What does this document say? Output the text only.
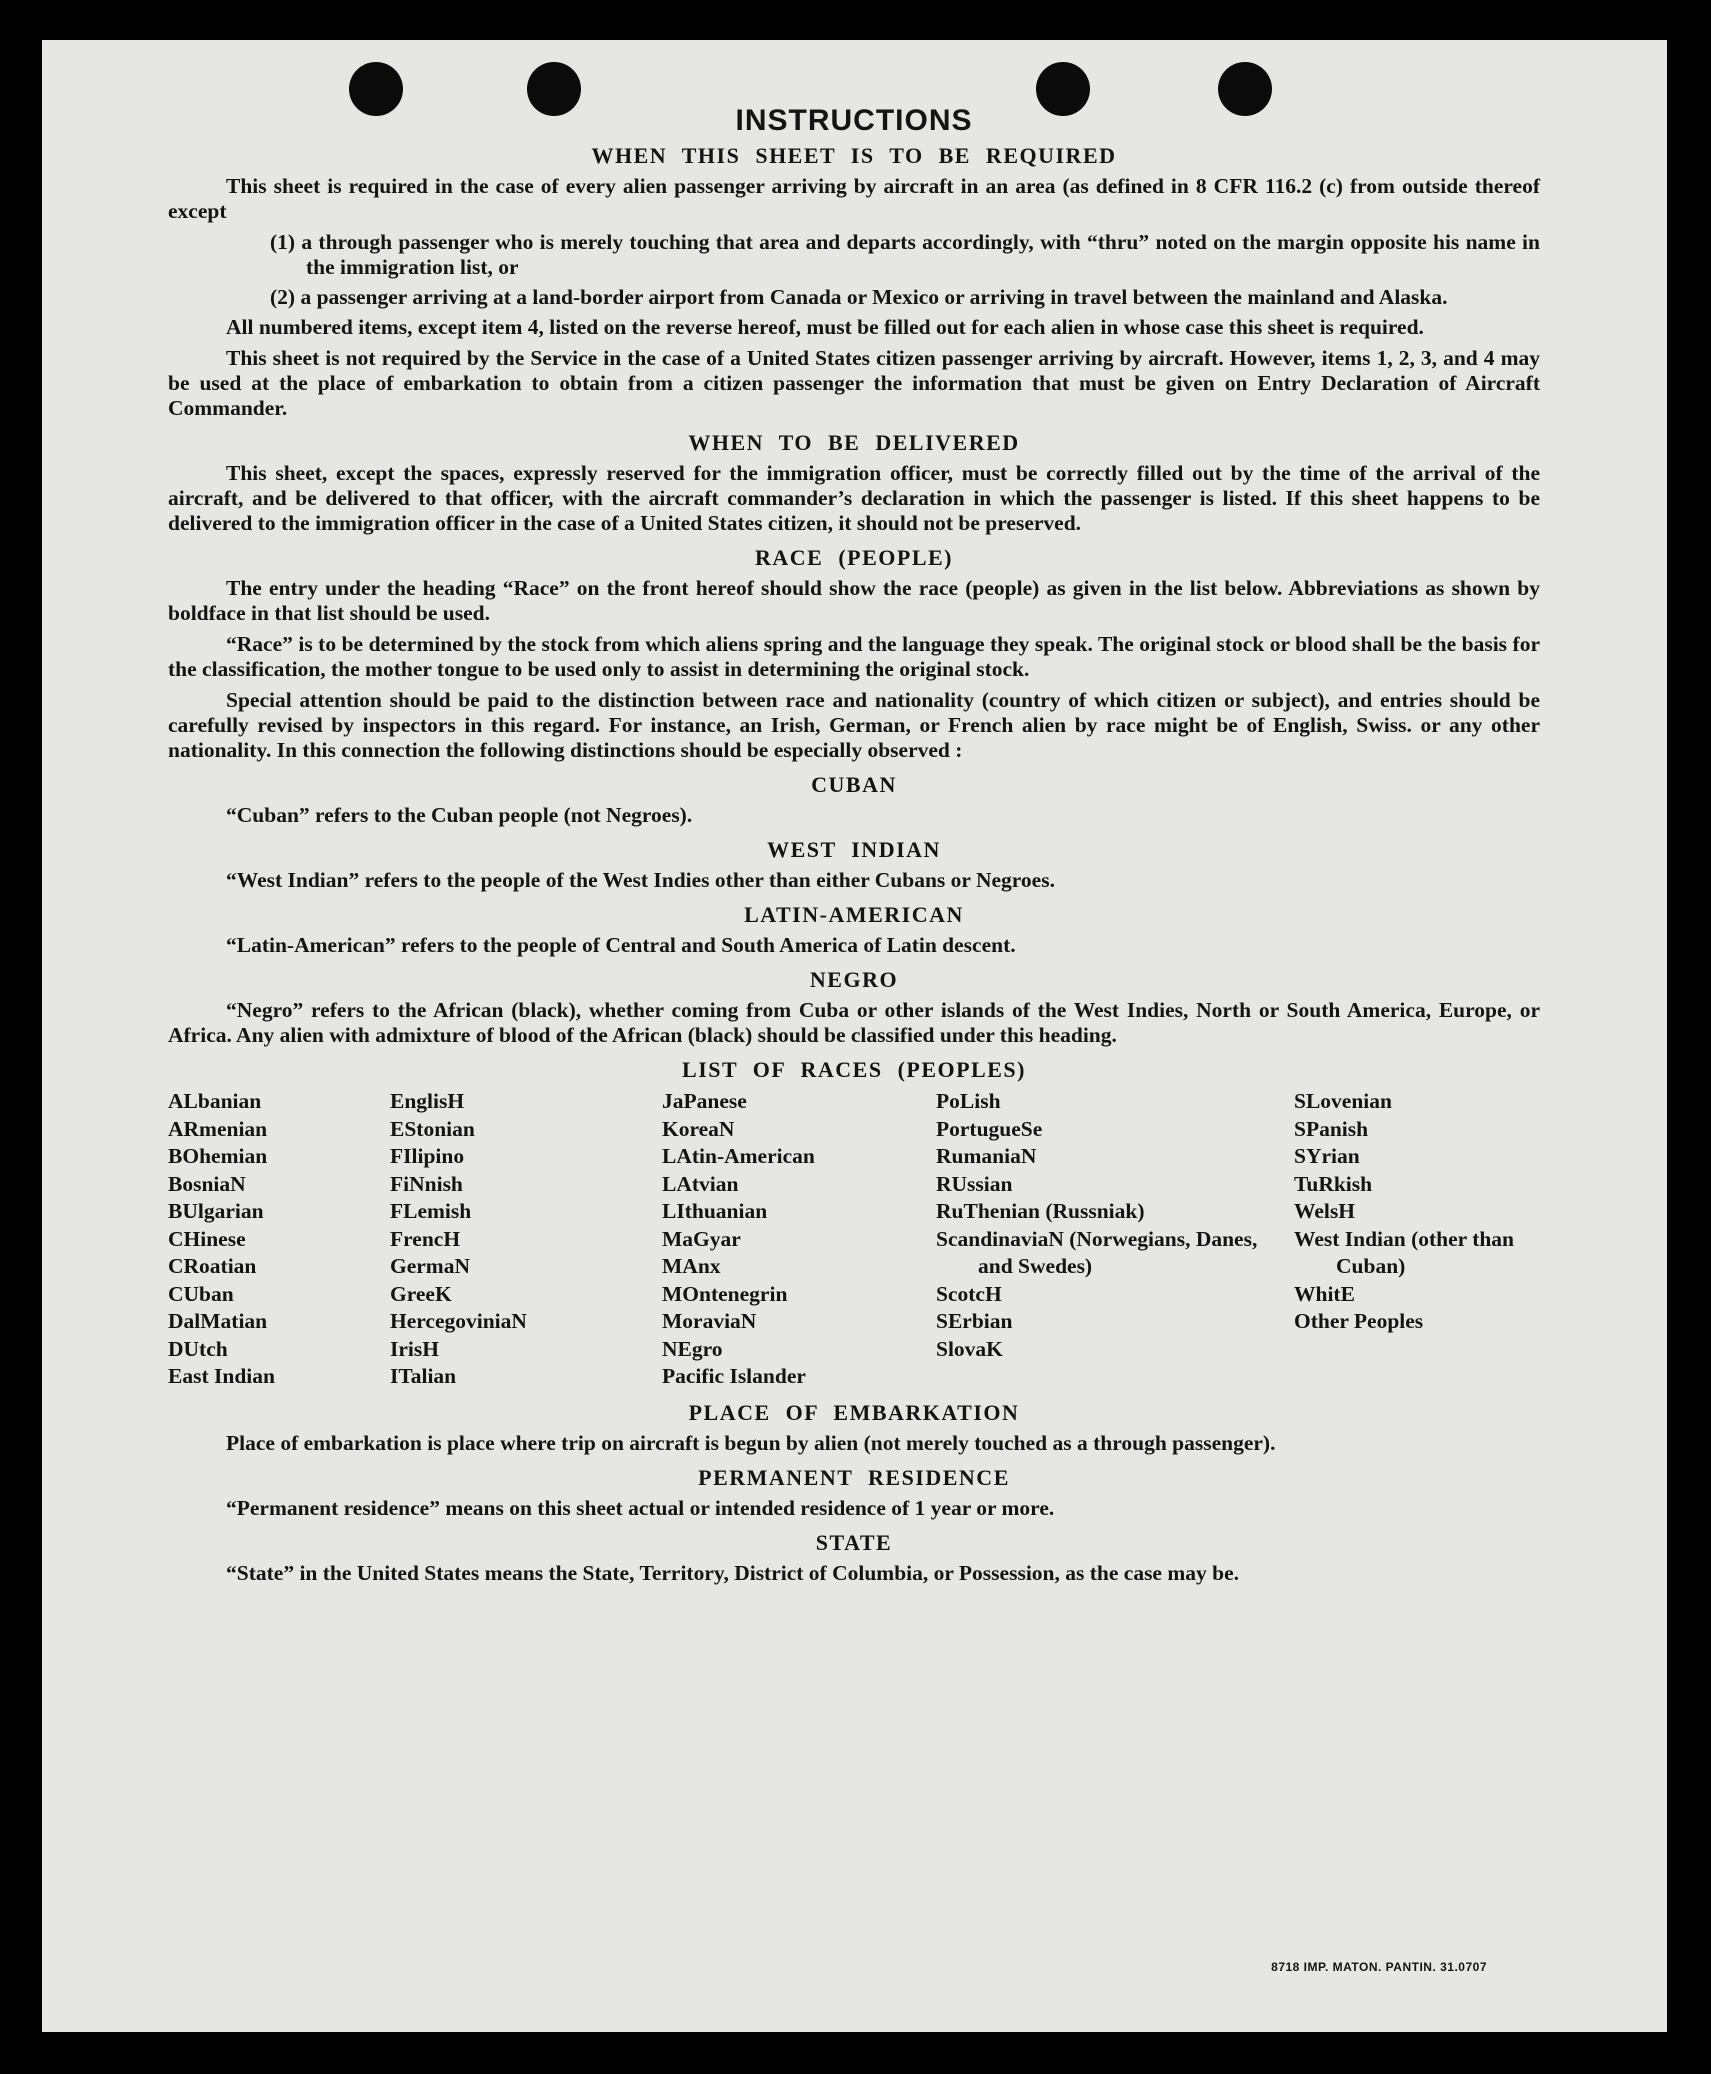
INSTRUCTIONS
WHEN THIS SHEET IS TO BE REQUIRED

This sheet is required in the case of every alien passenger arriving by aircraft in an area (as defined in 8 CFR 116.2 (c) from outside thereof except

(1) a through passenger who is merely touching that area and departs accordingly, with “thru” noted on the margin opposite his name in the immigration list, or
(2) a passenger arriving at a land-border airport from Canada or Mexico or arriving in travel between the mainland and Alaska.

All numbered items, except item 4, listed on the reverse hereof, must be filled out for each alien in whose case this sheet is required.

This sheet is not required by the Service in the case of a United States citizen passenger arriving by aircraft. However, items 1, 2, 3, and 4 may be used at the place of embarkation to obtain from a citizen passenger the information that must be given on Entry Declaration of Aircraft Commander.

WHEN TO BE DELIVERED

This sheet, except the spaces, expressly reserved for the immigration officer, must be correctly filled out by the time of the arrival of the aircraft, and be delivered to that officer, with the aircraft commander’s declaration in which the passenger is listed. If this sheet happens to be delivered to the immigration officer in the case of a United States citizen, it should not be preserved.

RACE (PEOPLE)

The entry under the heading “Race” on the front hereof should show the race (people) as given in the list below. Abbreviations as shown by boldface in that list should be used.

“Race” is to be determined by the stock from which aliens spring and the language they speak. The original stock or blood shall be the basis for the classification, the mother tongue to be used only to assist in determining the original stock.

Special attention should be paid to the distinction between race and nationality (country of which citizen or subject), and entries should be carefully revised by inspectors in this regard. For instance, an Irish, German, or French alien by race might be of English, Swiss. or any other nationality. In this connection the following distinctions should be especially observed :

CUBAN

“Cuban” refers to the Cuban people (not Negroes).

WEST INDIAN

“West Indian” refers to the people of the West Indies other than either Cubans or Negroes.

LATIN-AMERICAN

“Latin-American” refers to the people of Central and South America of Latin descent.

NEGRO

“Negro” refers to the African (black), whether coming from Cuba or other islands of the West Indies, North or South America, Europe, or Africa. Any alien with admixture of blood of the African (black) should be classified under this heading.

LIST OF RACES (PEOPLES)
ALbanian
ARmenian
BOhemian
BosniaN
BUlgarian
CHinese
CRoatian
CUban
DalMatian
DUtch
East Indian
EnglisH
EStonian
FIlipino
FiNnish
FLemish
FrencH
GermaN
GreeK
HercegoviniaN
IrisH
ITalian
JaPanese
KoreaN
LAtin-American
LAtvian
LIthuanian
MaGyar
MAnx
MOntenegrin
MoraviaN
NEgro
Pacific Islander
PoLish
PortugueSe
RumaniaN
RUssian
RuThenian (Russniak)
ScandinaviaN (Norwegians, Danes, and Swedes)
ScotcH
SErbian
SlovaK
SLovenian
SPanish
SYrian
TuRkish
WelsH
West Indian (other than Cuban)
WhitE
Other Peoples
PLACE OF EMBARKATION

Place of embarkation is place where trip on aircraft is begun by alien (not merely touched as a through passenger).

PERMANENT RESIDENCE

“Permanent residence” means on this sheet actual or intended residence of 1 year or more.

STATE

“State” in the United States means the State, Territory, District of Columbia, or Possession, as the case may be.

8718 IMP. MATON. PANTIN. 31.0707
